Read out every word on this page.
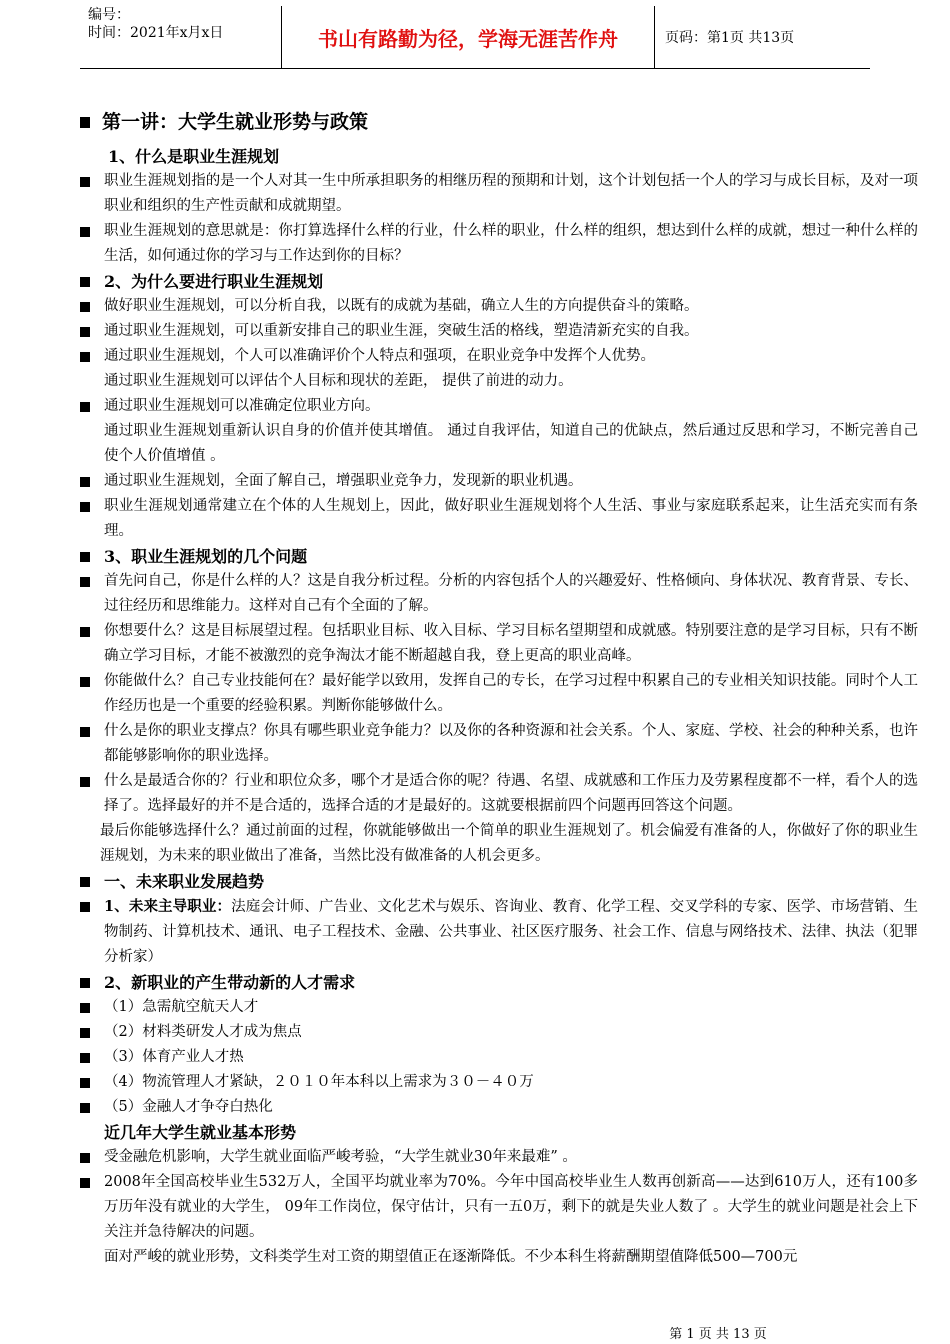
编号：
时间：2021年x月x日	书山有路勤为径，学海无涯苦作舟	页码：第1页 共13页
第一讲：大学生就业形势与政策
1、什么是职业生涯规划
职业生涯规划指的是一个人对其一生中所承担职务的相继历程的预期和计划，这个计划包括一个人的学习与成长目标，及对一项职业和组织的生产性贡献和成就期望。
职业生涯规划的意思就是：你打算选择什么样的行业，什么样的职业，什么样的组织，想达到什么样的成就，想过一种什么样的生活，如何通过你的学习与工作达到你的目标？
2、为什么要进行职业生涯规划
做好职业生涯规划，可以分析自我，以既有的成就为基础，确立人生的方向提供奋斗的策略。
通过职业生涯规划，可以重新安排自己的职业生涯，突破生活的格线，塑造清新充实的自我。
通过职业生涯规划，个人可以准确评价个人特点和强项，在职业竞争中发挥个人优势。
通过职业生涯规划可以评估个人目标和现状的差距， 提供了前进的动力。
通过职业生涯规划可以准确定位职业方向。
通过职业生涯规划重新认识自身的价值并使其增值。 通过自我评估，知道自己的优缺点，然后通过反思和学习，不断完善自己使个人价值增值 。
通过职业生涯规划，全面了解自己，增强职业竞争力，发现新的职业机遇。
职业生涯规划通常建立在个体的人生规划上，因此，做好职业生涯规划将个人生活、事业与家庭联系起来，让生活充实而有条理。
3、职业生涯规划的几个问题
首先问自己，你是什么样的人？这是自我分析过程。分析的内容包括个人的兴趣爱好、性格倾向、身体状况、教育背景、专长、过往经历和思维能力。这样对自己有个全面的了解。
你想要什么？这是目标展望过程。包括职业目标、收入目标、学习目标名望期望和成就感。特别要注意的是学习目标，只有不断确立学习目标，才能不被激烈的竞争淘汰才能不断超越自我，登上更高的职业高峰。
你能做什么？自己专业技能何在？最好能学以致用，发挥自己的专长，在学习过程中积累自己的专业相关知识技能。同时个人工作经历也是一个重要的经验积累。判断你能够做什么。
什么是你的职业支撑点？你具有哪些职业竞争能力？以及你的各种资源和社会关系。个人、家庭、学校、社会的种种关系，也许都能够影响你的职业选择。
什么是最适合你的？行业和职位众多，哪个才是适合你的呢？待遇、名望、成就感和工作压力及劳累程度都不一样，看个人的选择了。选择最好的并不是合适的，选择合适的才是最好的。这就要根据前四个问题再回答这个问题。
最后你能够选择什么？通过前面的过程，你就能够做出一个简单的职业生涯规划了。机会偏爱有准备的人，你做好了你的职业生涯规划，为未来的职业做出了准备，当然比没有做准备的人机会更多。
一、未来职业发展趋势
1、未来主导职业：法庭会计师、广告业、文化艺术与娱乐、咨询业、教育、化学工程、交叉学科的专家、医学、市场营销、生物制药、计算机技术、通讯、电子工程技术、金融、公共事业、社区医疗服务、社会工作、信息与网络技术、法律、执法（犯罪分析家）
2、新职业的产生带动新的人才需求
（1）急需航空航天人才
（2）材料类研发人才成为焦点
（3）体育产业人才热
（4）物流管理人才紧缺，２０１０年本科以上需求为３０－４０万
（5）金融人才争夺白热化
近几年大学生就业基本形势
受金融危机影响，大学生就业面临严峻考验，“大学生就业30年来最难” 。
2008年全国高校毕业生532万人，全国平均就业率为70%。今年中国高校毕业生人数再创新高——达到610万人，还有100多万历年没有就业的大学生， 09年工作岗位，保守估计，只有一五0万，剩下的就是失业人数了 。大学生的就业问题是社会上下关注并急待解决的问题。
面对严峻的就业形势，文科类学生对工资的期望值正在逐渐降低。不少本科生将薪酬期望值降低500—700元
第 1 页 共 13 页
